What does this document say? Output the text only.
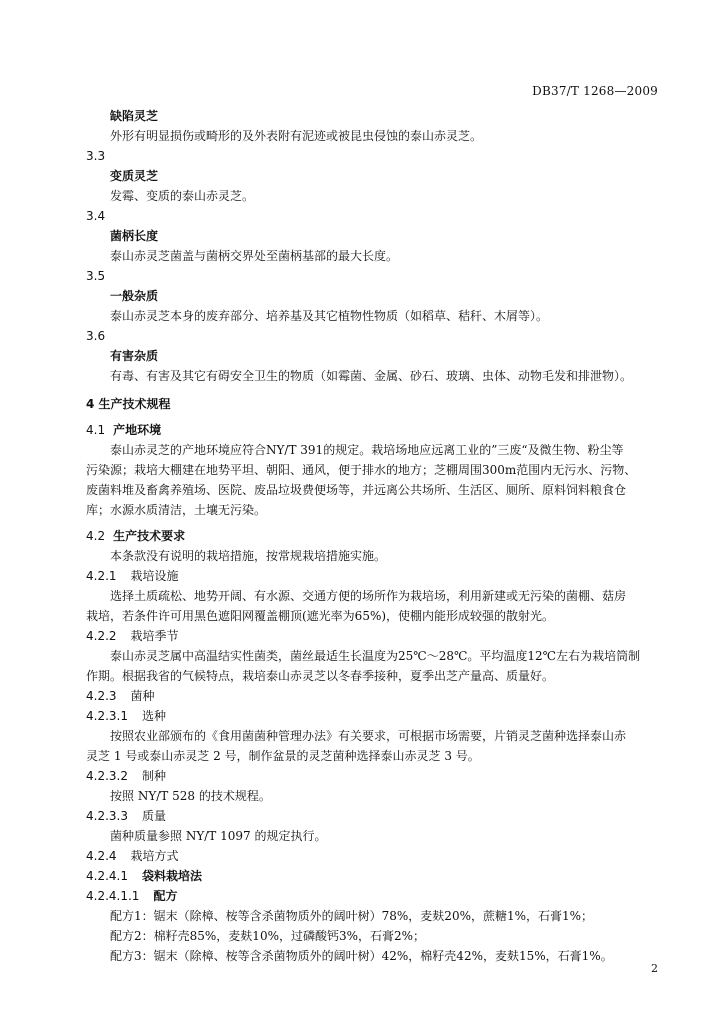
DB37/T 1268—2009
缺陷灵芝
外形有明显损伤或畸形的及外表附有泥迹或被昆虫侵蚀的泰山赤灵芝。
3.3
变质灵芝
发霉、变质的泰山赤灵芝。
3.4
菌柄长度
泰山赤灵芝菌盖与菌柄交界处至菌柄基部的最大长度。
3.5
一般杂质
泰山赤灵芝本身的废弃部分、培养基及其它植物性物质（如稻草、秸秆、木屑等）。
3.6
有害杂质
有毒、有害及其它有碍安全卫生的物质（如霉菌、金属、砂石、玻璃、虫体、动物毛发和排泄物）。
4 生产技术规程
4.1 产地环境
泰山赤灵芝的产地环境应符合NY/T 391的规定。栽培场地应远离工业的”三废“及微生物、粉尘等
污染源；栽培大棚建在地势平坦、朝阳、通风，便于排水的地方；芝棚周围300m范围内无污水、污物、
废菌料堆及畜禽养殖场、医院、废品垃圾费便场等，并远离公共场所、生活区、厕所、原料饲料粮食仓
库；水源水质清洁，土壤无污染。
4.2 生产技术要求
本条款没有说明的栽培措施，按常规栽培措施实施。
4.2.1 栽培设施
选择土质疏松、地势开阔、有水源、交通方便的场所作为栽培场，利用新建或无污染的菌棚、菇房
栽培，若条件许可用黑色遮阳网覆盖棚顶(遮光率为65%)，使棚内能形成较强的散射光。
4.2.2 栽培季节
泰山赤灵芝属中高温结实性菌类，菌丝最适生长温度为25℃～28℃。平均温度12℃左右为栽培筒制
作期。根据我省的气候特点，栽培泰山赤灵芝以冬春季接种，夏季出芝产量高、质量好。
4.2.3 菌种
4.2.3.1 选种
按照农业部颁布的《食用菌菌种管理办法》有关要求，可根据市场需要，片销灵芝菌种选择泰山赤
灵芝 1 号或泰山赤灵芝 2 号，制作盆景的灵芝菌种选择泰山赤灵芝 3 号。
4.2.3.2 制种
按照 NY/T 528 的技术规程。
4.2.3.3 质量
菌种质量参照 NY/T 1097 的规定执行。
4.2.4 栽培方式
4.2.4.1 袋料栽培法
4.2.4.1.1 配方
配方1：锯末（除樟、桉等含杀菌物质外的阔叶树）78%，麦麸20%，蔗糖1%，石膏1%；
配方2：棉籽壳85%，麦麸10%，过磷酸钙3%，石膏2%；
配方3：锯末（除樟、桉等含杀菌物质外的阔叶树）42%，棉籽壳42%，麦麸15%，石膏1%。
2
